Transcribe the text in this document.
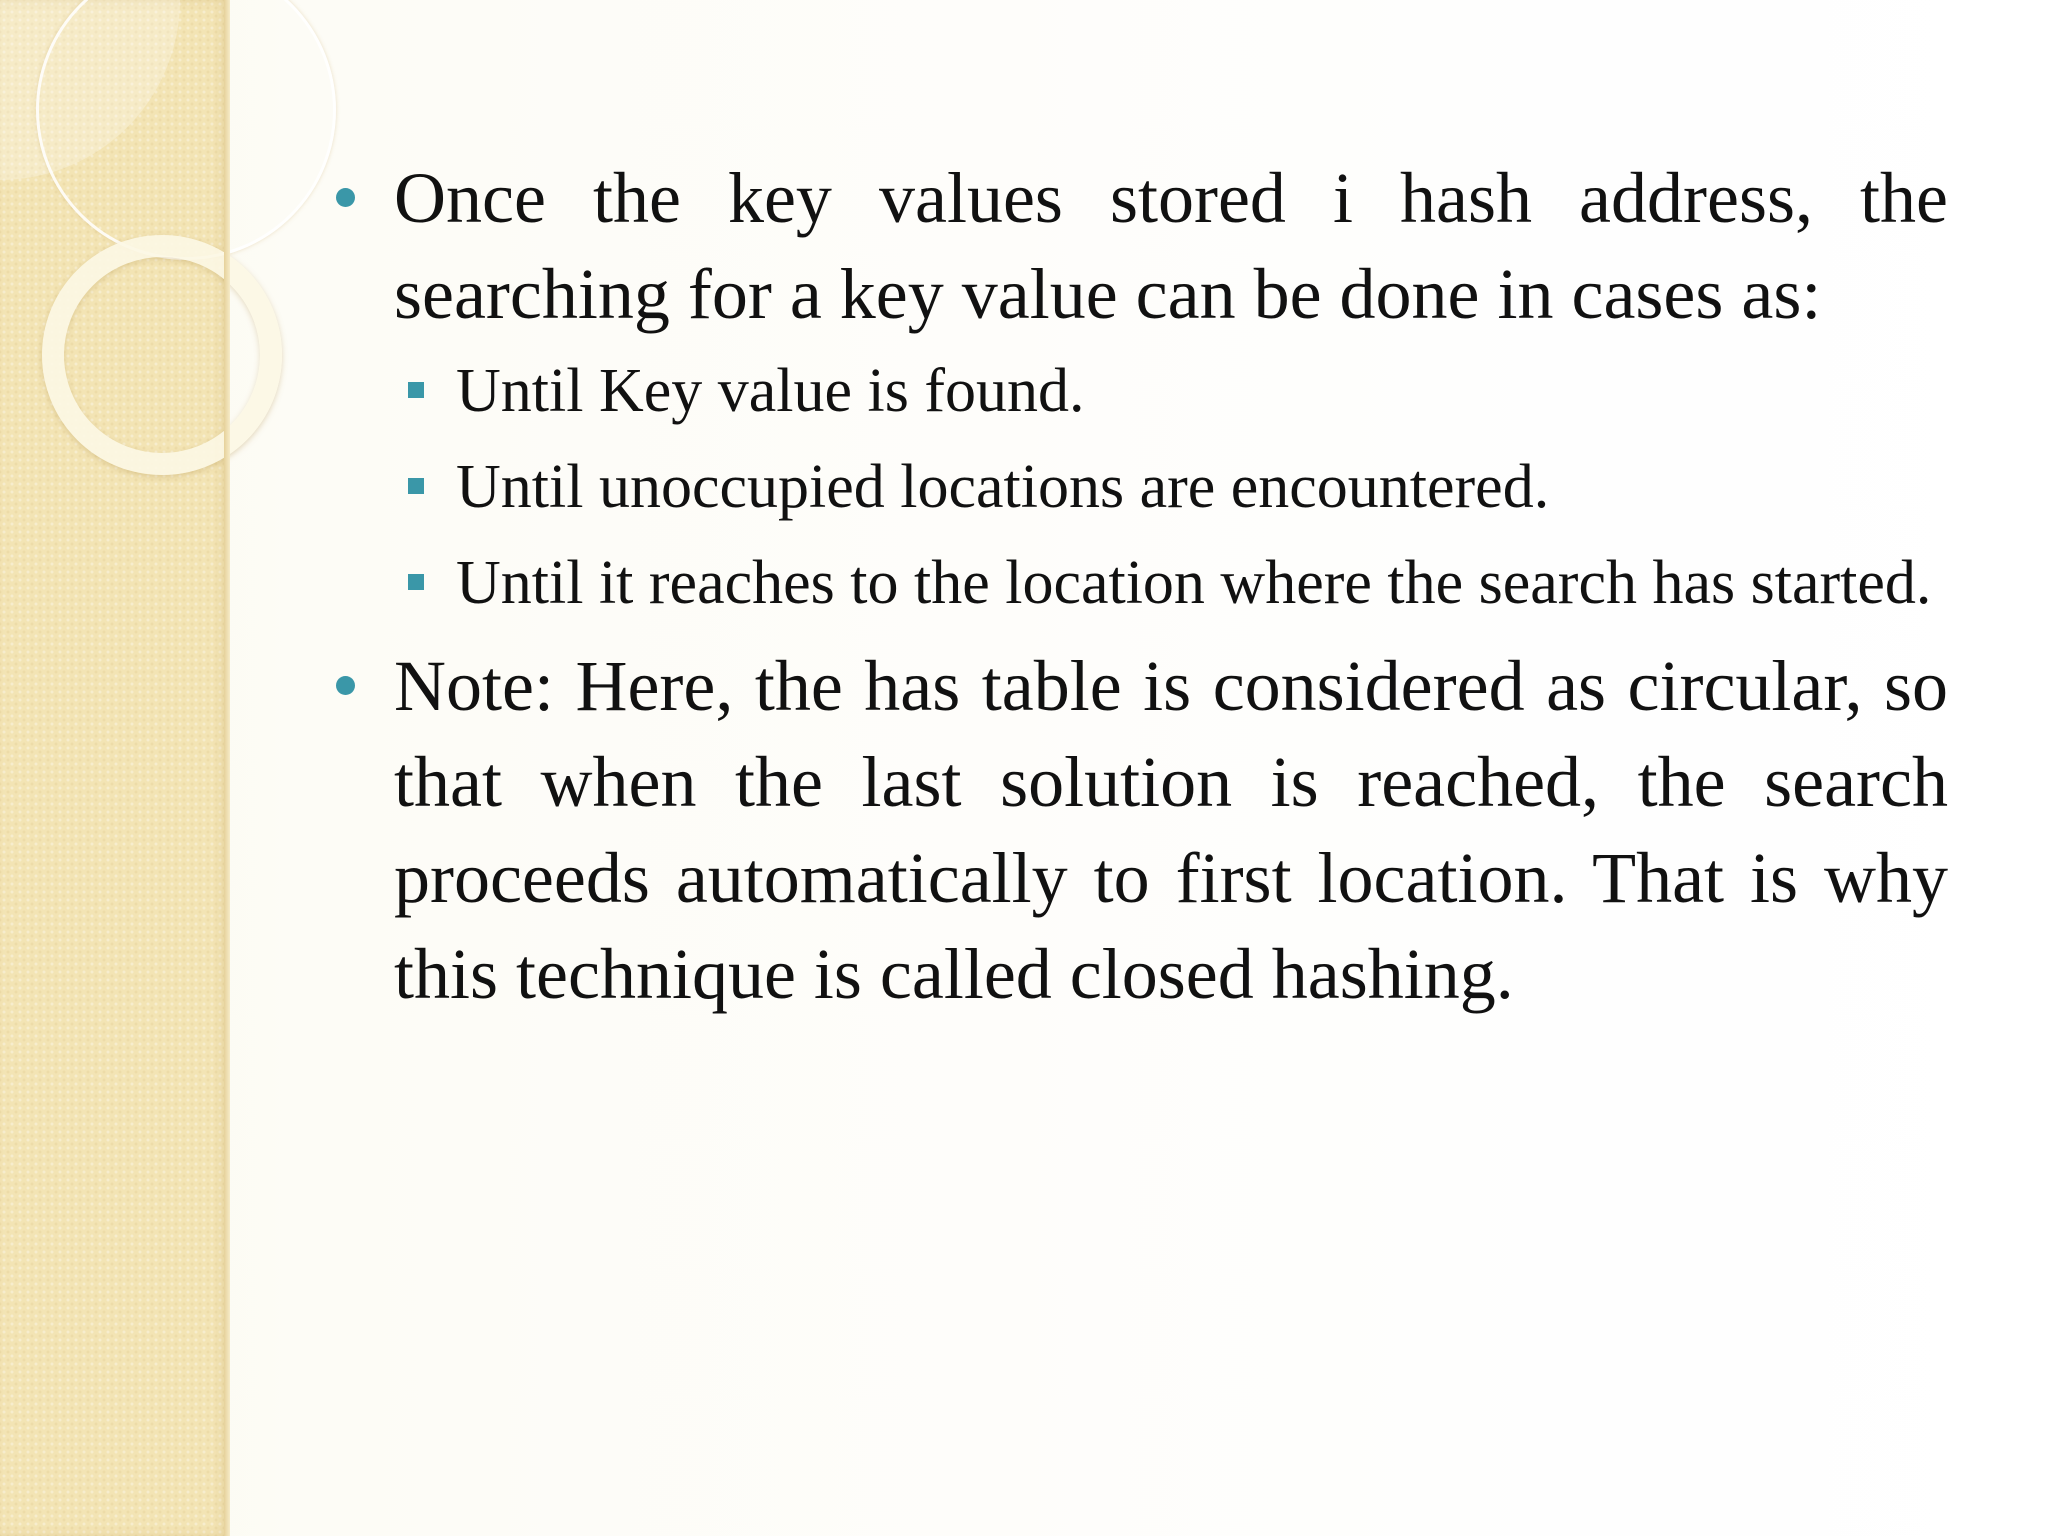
Once the key values stored i hash address, the searching for a key value can be done in cases as:

Until Key value is found.

Until unoccupied locations are encountered.

Until it reaches to the location where the search has started.

Note: Here, the has table is considered as circular, so that when the last solution is reached, the search proceeds automatically to first location. That is why this technique is called closed hashing.
